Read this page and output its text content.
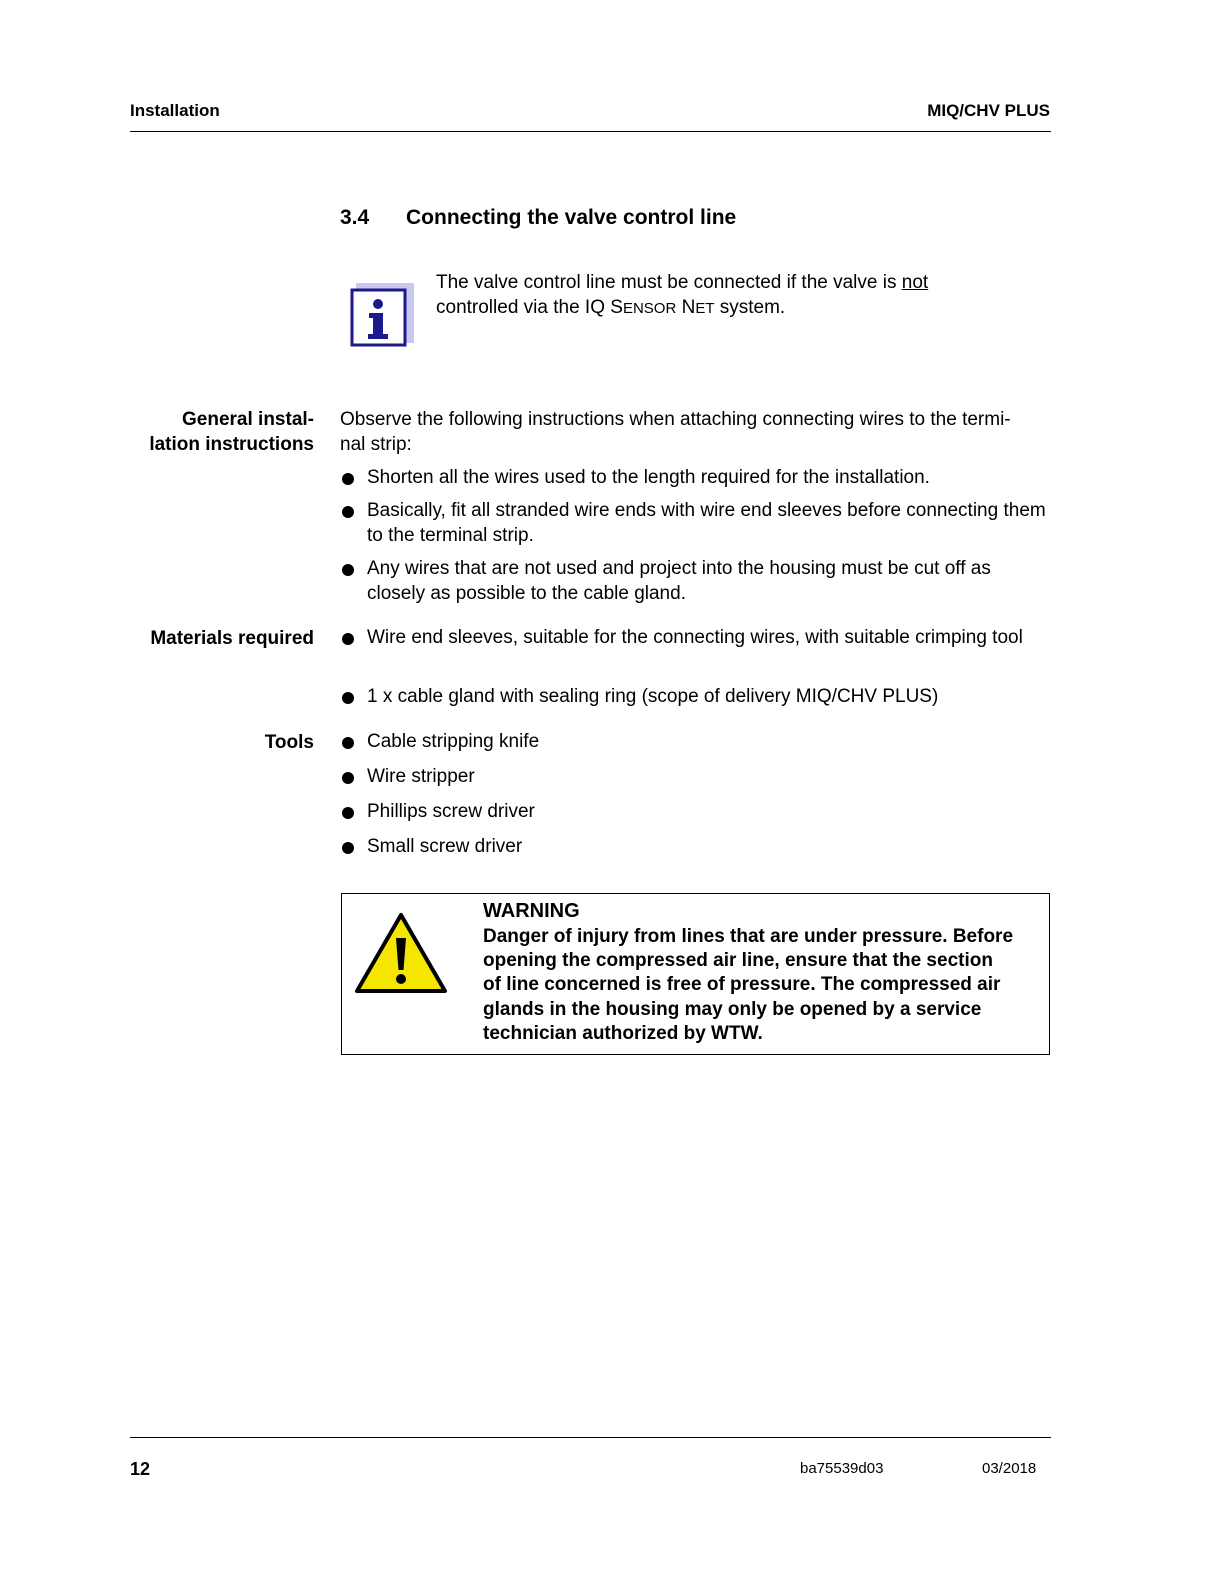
Installation	MIQ/CHV PLUS
3.4 Connecting the valve control line
The valve control line must be connected if the valve is not
controlled via the IQ SENSOR NET system.
General instal-
lation instructions
Observe the following instructions when attaching connecting wires to the termi-
nal strip:
Shorten all the wires used to the length required for the installation.
Basically, fit all stranded wire ends with wire end sleeves before connecting them to the terminal strip.
Any wires that are not used and project into the housing must be cut off as closely as possible to the cable gland.
Materials required	Wire end sleeves, suitable for the connecting wires, with suitable crimping tool
1 x cable gland with sealing ring (scope of delivery MIQ/CHV PLUS)
Tools	Cable stripping knife
Wire stripper
Phillips screw driver
Small screw driver
WARNING
Danger of injury from lines that are under pressure. Before
opening the compressed air line, ensure that the section
of line concerned is free of pressure. The compressed air
glands in the housing may only be opened by a service
technician authorized by WTW.
12	ba75539d03	03/2018
